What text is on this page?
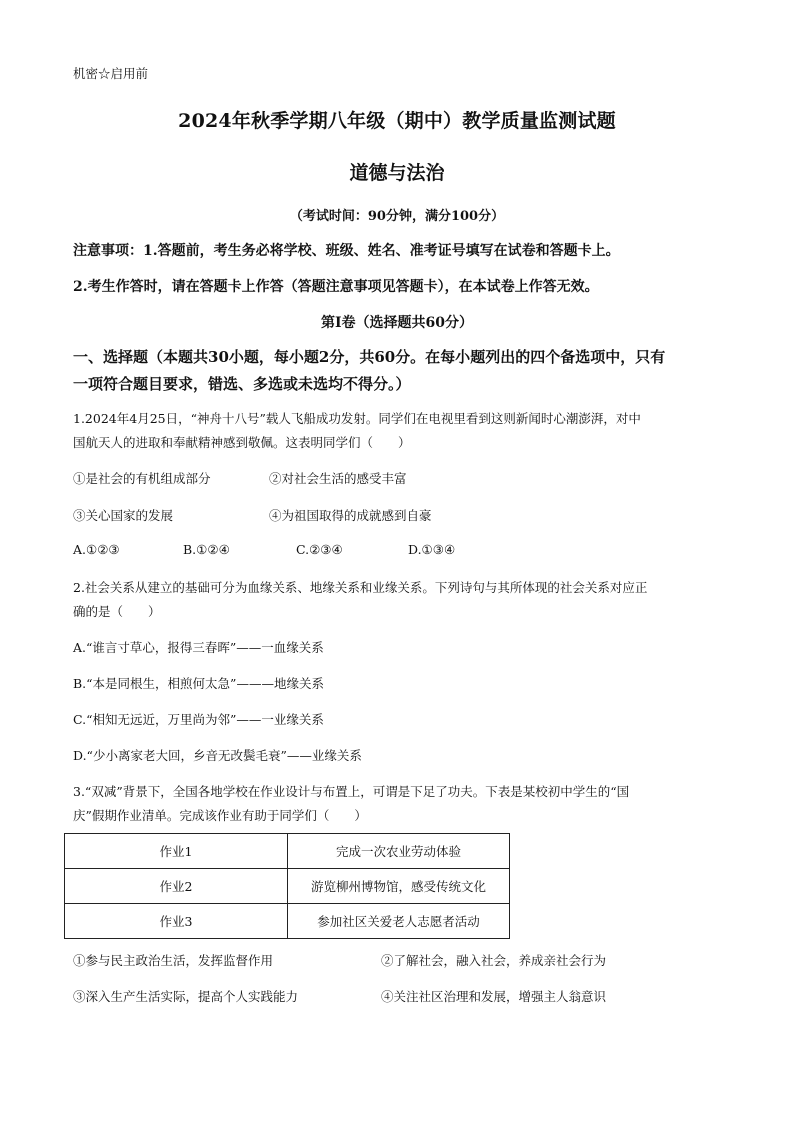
机密☆启用前
2024年秋季学期八年级（期中）教学质量监测试题
道德与法治
（考试时间：90分钟，满分100分）
注意事项：1.答题前，考生务必将学校、班级、姓名、准考证号填写在试卷和答题卡上。
2.考生作答时，请在答题卡上作答（答题注意事项见答题卡），在本试卷上作答无效。
第Ⅰ卷（选择题共60分）
一、选择题（本题共30小题，每小题2分，共60分。在每小题列出的四个备选项中，只有
一项符合题目要求，错选、多选或未选均不得分。）
1.2024年4月25日，“神舟十八号”载人飞船成功发射。同学们在电视里看到这则新闻时心潮澎湃，对中
国航天人的进取和奉献精神感到敬佩。这表明同学们（　　）
①是社会的有机组成部分	②对社会生活的感受丰富
③关心国家的发展	④为祖国取得的成就感到自豪
A.①②③	B.①②④	C.②③④	D.①③④
2.社会关系从建立的基础可分为血缘关系、地缘关系和业缘关系。下列诗句与其所体现的社会关系对应正
确的是（　　）
A.“谁言寸草心，报得三春晖”——一血缘关系
B.“本是同根生，相煎何太急”———地缘关系
C.“相知无远近，万里尚为邻”——一业缘关系
D.“少小离家老大回，乡音无改鬓毛衰”——业缘关系
3.“双减”背景下，全国各地学校在作业设计与布置上，可谓是下足了功夫。下表是某校初中学生的“国
庆”假期作业清单。完成该作业有助于同学们（　　）
作业1	完成一次农业劳动体验
作业2	游览柳州博物馆，感受传统文化
作业3	参加社区关爱老人志愿者活动
①参与民主政治生活，发挥监督作用	②了解社会，融入社会，养成亲社会行为
③深入生产生活实际，提高个人实践能力	④关注社区治理和发展，增强主人翁意识
